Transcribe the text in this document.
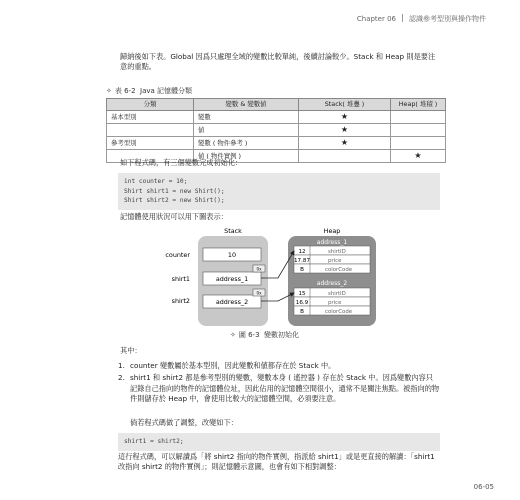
Chapter 06 認識參考型別與操作物件
歸納後如下表。Global 因爲只處理全域的變數比較單純，後續討論較少。Stack 和 Heap 則是要注意的重點。
✧ 表 6-2 Java 記憶體分類
分類	變數 & 變數値	Stack( 堆疊 )	Heap( 堆積 )
基本型別	變數	★	
	値	★	
參考型別	變數 ( 物件參考 )	★	
	値 ( 物件實例 )		★
如下程式碼，有三個變數完成初始化：
int counter = 10;
Shirt shirt1 = new Shirt();
Shirt shirt2 = new Shirt();
記憶體使用狀況可以用下圖表示：
Stack	Heap
counter
shirt1
shirt2
10
address_1
address_2
0x
0x
address_1
12	shirtID
17.87	price
B	colorCode
address_2
15	shirtID
16.9	price
B	colorCode
✧ 圖 6-3 變數初始化
其中：
1. counter 變數屬於基本型別，因此變數和値都存在於 Stack 中。
2. shirt1 和 shirt2 都是參考型別的變數，變數本身 ( 遙控器 ) 存在於 Stack 中。因爲變數內容只記錄自己指向的物件的記憶體位址，因此佔用的記憶體空間很小，通常不是關注焦點。被指向的物件則儲存於 Heap 中，會使用比較大的記憶體空間，必須要注意。
倘若程式碼做了調整，改變如下：
shirt1 = shirt2;
這行程式碼，可以解讀爲「將 shirt2 指向的物件實例，指派給 shirt1」或是更直接的解讀：「shirt1 改指向 shirt2 的物件實例」；則記憶體示意圖，也會有如下相對調整：
06-05
